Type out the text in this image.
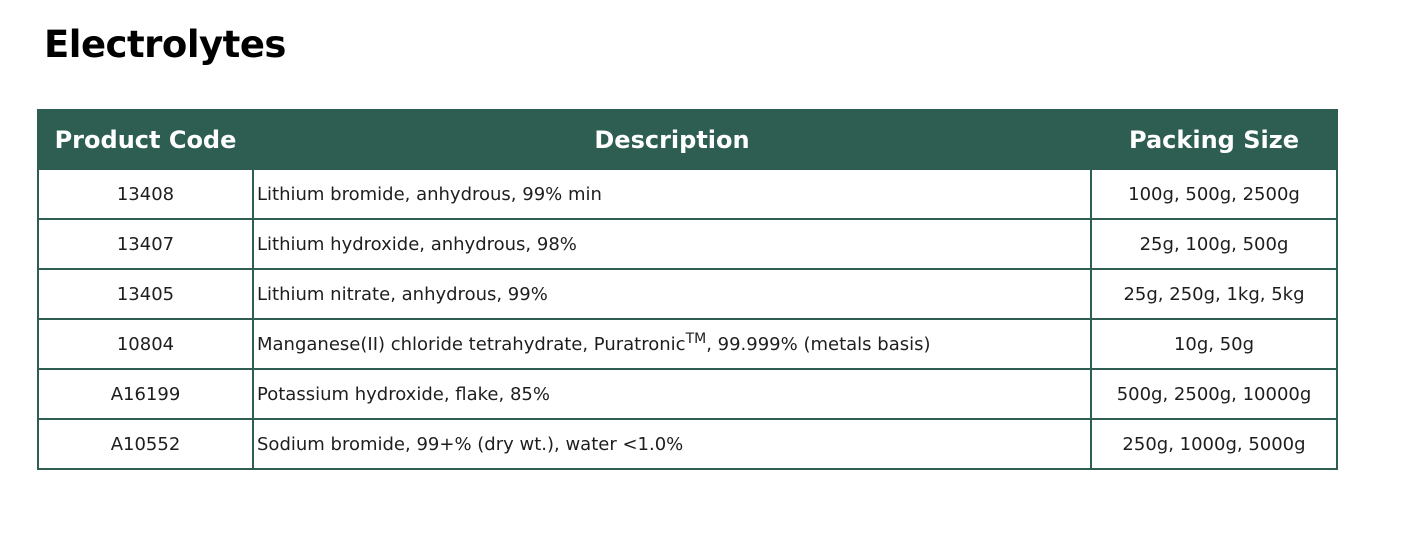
Electrolytes
Product Code	Description	Packing Size
13408	Lithium bromide, anhydrous, 99% min	100g, 500g, 2500g
13407	Lithium hydroxide, anhydrous, 98%	25g, 100g, 500g
13405	Lithium nitrate, anhydrous, 99%	25g, 250g, 1kg, 5kg
10804	Manganese(II) chloride tetrahydrate, Puratronic™, 99.999% (metals basis)	10g, 50g
A16199	Potassium hydroxide, flake, 85%	500g, 2500g, 10000g
A10552	Sodium bromide, 99+% (dry wt.), water <1.0%	250g, 1000g, 5000g
